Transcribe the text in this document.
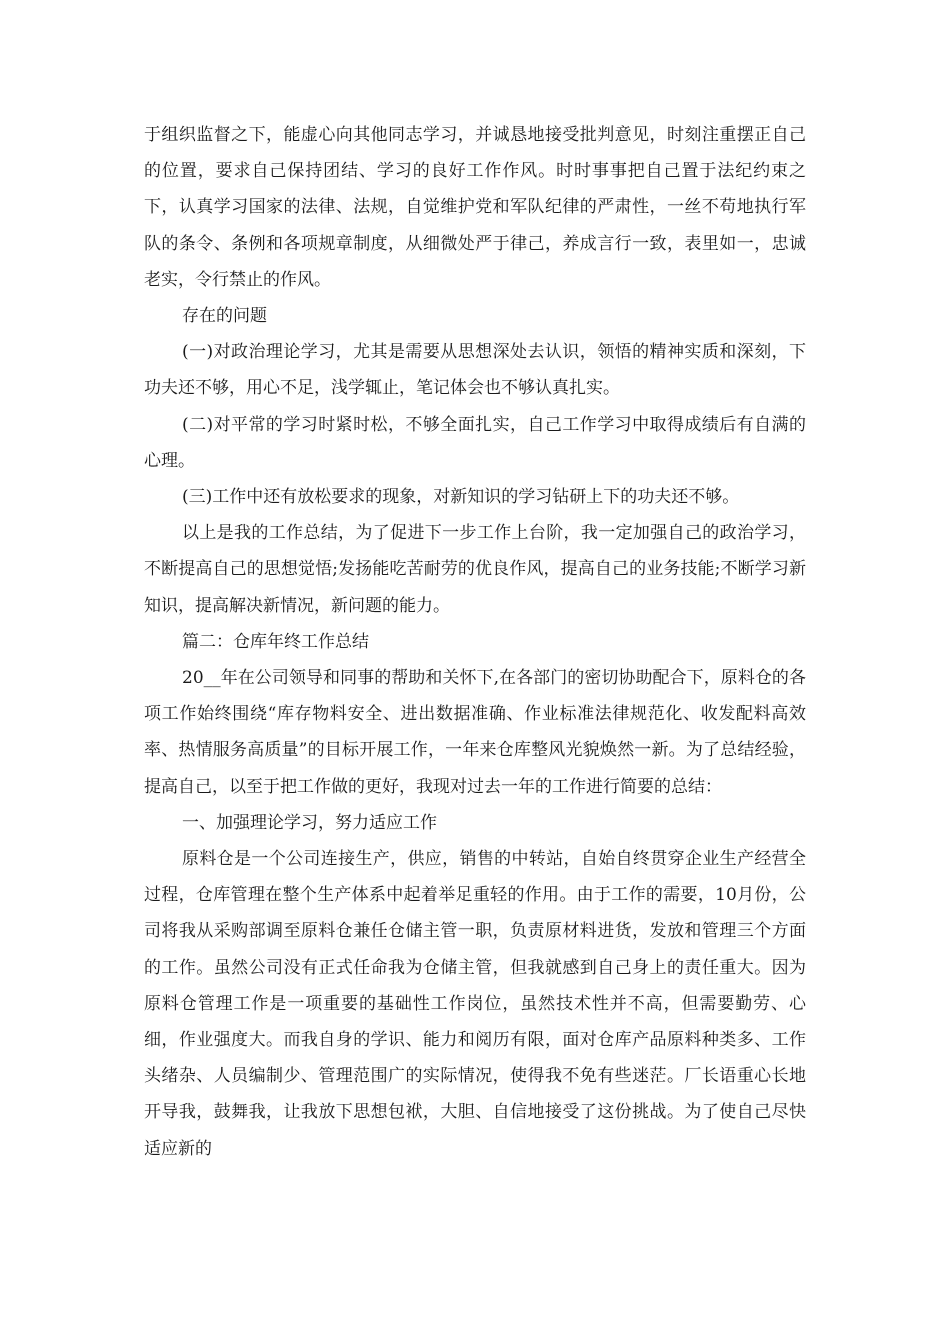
于组织监督之下，能虚心向其他同志学习，并诚恳地接受批判意见，时刻注重摆正自己的位置，要求自己保持团结、学习的良好工作作风。时时事事把自己置于法纪约束之下，认真学习国家的法律、法规，自觉维护党和军队纪律的严肃性，一丝不苟地执行军队的条令、条例和各项规章制度，从细微处严于律己，养成言行一致，表里如一，忠诚老实，令行禁止的作风。

存在的问题

(一)对政治理论学习，尤其是需要从思想深处去认识，领悟的精神实质和深刻，下功夫还不够，用心不足，浅学辄止，笔记体会也不够认真扎实。

(二)对平常的学习时紧时松，不够全面扎实，自己工作学习中取得成绩后有自满的心理。

(三)工作中还有放松要求的现象，对新知识的学习钻研上下的功夫还不够。

以上是我的工作总结，为了促进下一步工作上台阶，我一定加强自己的政治学习，不断提高自己的思想觉悟;发扬能吃苦耐劳的优良作风，提高自己的业务技能;不断学习新知识，提高解决新情况，新问题的能力。

篇二：仓库年终工作总结

20__年在公司领导和同事的帮助和关怀下,在各部门的密切协助配合下，原料仓的各项工作始终围绕“库存物料安全、进出数据准确、作业标准法律规范化、收发配料高效率、热情服务高质量”的目标开展工作，一年来仓库整风光貌焕然一新。为了总结经验，提高自己，以至于把工作做的更好，我现对过去一年的工作进行简要的总结：

一、加强理论学习，努力适应工作

原料仓是一个公司连接生产，供应，销售的中转站，自始自终贯穿企业生产经营全过程，仓库管理在整个生产体系中起着举足重轻的作用。由于工作的需要，10月份，公司将我从采购部调至原料仓兼任仓储主管一职，负责原材料进货，发放和管理三个方面的工作。虽然公司没有正式任命我为仓储主管，但我就感到自己身上的责任重大。因为原料仓管理工作是一项重要的基础性工作岗位，虽然技术性并不高，但需要勤劳、心细，作业强度大。而我自身的学识、能力和阅历有限，面对仓库产品原料种类多、工作头绪杂、人员编制少、管理范围广的实际情况，使得我不免有些迷茫。厂长语重心长地开导我，鼓舞我，让我放下思想包袱，大胆、自信地接受了这份挑战。为了使自己尽快适应新的
